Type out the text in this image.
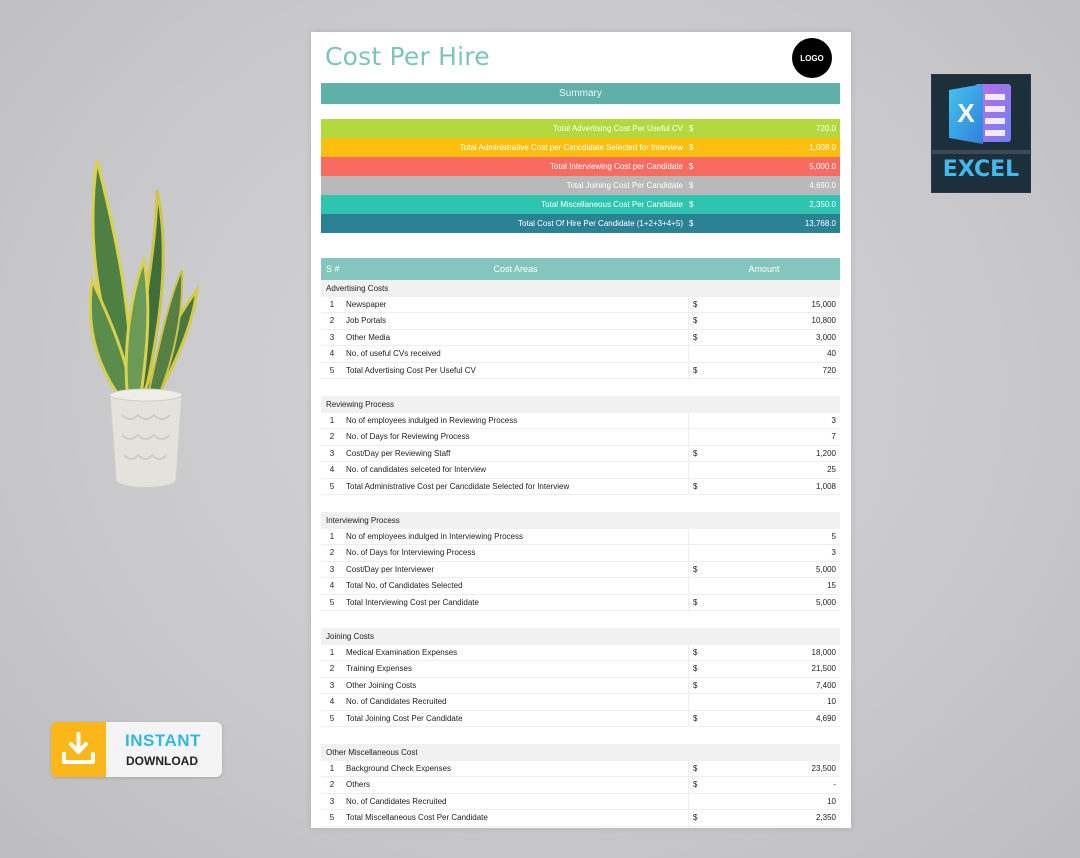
Cost Per Hire	LOGO
Summary
Total Advertising Cost Per Useful CV $	720.0
Total Administrative Cost per Cancdidate Selected for Interview $	1,008.0
Total Interviewing Cost per Candidate $	5,000.0
Total Joining Cost Per Candidate $	4,690.0
Total Miscellaneous Cost Per Candidate $	2,350.0
Total Cost Of Hire Per Candidate (1+2+3+4+5) $	13,768.0
S #	Cost Areas	Amount
Advertising Costs
1	Newspaper	$	15,000
2	Job Portals	$	10,800
3	Other Media	$	3,000
4	No. of useful CVs received	40
5	Total Advertising Cost Per Useful CV	$	720
Reviewing Process
1	No of employees indulged in Reviewing Process	3
2	No. of Days for Reviewing Process	7
3	Cost/Day per Reviewing Staff	$	1,200
4	No. of candidates selceted for Interview	25
5	Total Administrative Cost per Cancdidate Selected for Interview	$	1,008
Interviewing Process
1	No of employees indulged in Interviewing Process	5
2	No. of Days for Interviewing Process	3
3	Cost/Day per Interviewer	$	5,000
4	Total No. of Candidates Selected	15
5	Total Interviewing Cost per Candidate	$	5,000
Joining Costs
1	Medical Examination Expenses	$	18,000
2	Training Expenses	$	21,500
3	Other Joining Costs	$	7,400
4	No. of Candidates Recruited	10
5	Total Joining Cost Per Candidate	$	4,690
Other Miscellaneous Cost
1	Background Check Expenses	$	23,500
2	Others	$	-
3	No. of Candidates Recruited	10
5	Total Miscellaneous Cost Per Candidate	$	2,350
X
EXCEL
INSTANT
DOWNLOAD
